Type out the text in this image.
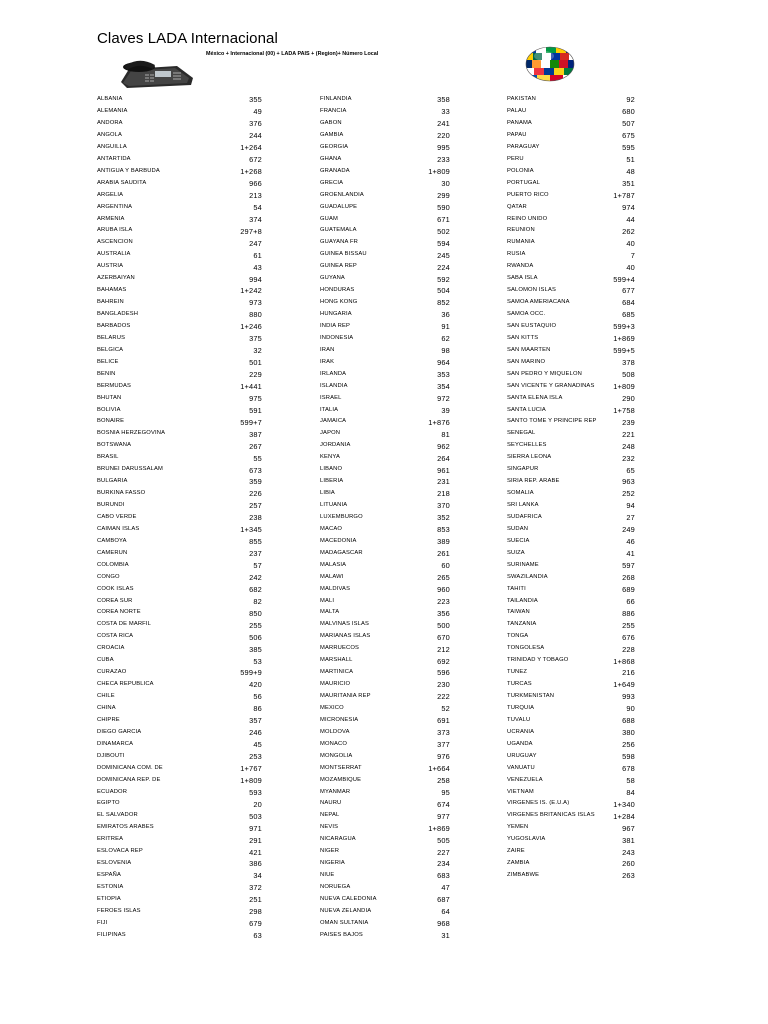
Claves LADA Internacional
México + Internacional (00) + LADA PAIS + (Region)+ Número Local
ALBANIA	355
ALEMANIA	49
ANDORA	376
ANGOLA	244
ANGUILLA	1+264
ANTARTIDA	672
ANTIGUA Y BARBUDA	1+268
ARABIA SAUDITA	966
ARGELIA	213
ARGENTINA	54
ARMENIA	374
ARUBA ISLA	297+8
ASCENCION	247
AUSTRALIA	61
AUSTRIA	43
AZERBAIYAN	994
BAHAMAS	1+242
BAHREIN	973
BANGLADESH	880
BARBADOS	1+246
BELARUS	375
BELGICA	32
BELICE	501
BENIN	229
BERMUDAS	1+441
BHUTAN	975
BOLIVIA	591
BONAIRE	599+7
BOSNIA HERZEGOVINA	387
BOTSWANA	267
BRASIL	55
BRUNEI DARUSSALAM	673
BULGARIA	359
BURKINA FASSO	226
BURUNDI	257
CABO VERDE	238
CAIMAN ISLAS	1+345
CAMBOYA	855
CAMERUN	237
COLOMBIA	57
CONGO	242
COOK ISLAS	682
COREA SUR	82
COREA NORTE	850
COSTA DE MARFIL	255
COSTA RICA	506
CROACIA	385
CUBA	53
CURAZAO	599+9
CHECA REPUBLICA	420
CHILE	56
CHINA	86
CHIPRE	357
DIEGO GARCIA	246
DINAMARCA	45
DJIBOUTI	253
DOMINICANA COM. DE	1+767
DOMINICANA REP. DE	1+809
ECUADOR	593
EGIPTO	20
EL SALVADOR	503
EMIRATOS ARABES	971
ERITREA	291
ESLOVACA REP	421
ESLOVENIA	386
ESPAÑA	34
ESTONIA	372
ETIOPIA	251
FEROES ISLAS	298
FIJI	679
FILIPINAS	63
FINLANDIA	358
FRANCIA	33
GABON	241
GAMBIA	220
GEORGIA	995
GHANA	233
GRANADA	1+809
GRECIA	30
GROENLANDIA	299
GUADALUPE	590
GUAM	671
GUATEMALA	502
GUAYANA FR	594
GUINEA BISSAU	245
GUINEA REP	224
GUYANA	592
HONDURAS	504
HONG KONG	852
HUNGARIA	36
INDIA REP	91
INDONESIA	62
IRAN	98
IRAK	964
IRLANDA	353
ISLANDIA	354
ISRAEL	972
ITALIA	39
JAMAICA	1+876
JAPON	81
JORDANIA	962
KENYA	264
LIBANO	961
LIBERIA	231
LIBIA	218
LITUANIA	370
LUXEMBURGO	352
MACAO	853
MACEDONIA	389
MADAGASCAR	261
MALASIA	60
MALAWI	265
MALDIVAS	960
MALI	223
MALTA	356
MALVINAS ISLAS	500
MARIANAS ISLAS	670
MARRUECOS	212
MARSHALL	692
MARTINICA	596
MAURICIO	230
MAURITANIA REP	222
MEXICO	52
MICRONESIA	691
MOLDOVA	373
MONACO	377
MONGOLIA	976
MONTSERRAT	1+664
MOZAMBIQUE	258
MYANMAR	95
NAURU	674
NEPAL	977
NEVIS	1+869
NICARAGUA	505
NIGER	227
NIGERIA	234
NIUE	683
NORUEGA	47
NUEVA CALEDONIA	687
NUEVA ZELANDIA	64
OMAN SULTANIA	968
PAISES BAJOS	31
PAKISTAN	92
PALAU	680
PANAMA	507
PAPAU	675
PARAGUAY	595
PERU	51
POLONIA	48
PORTUGAL	351
PUERTO RICO	1+787
QATAR	974
REINO UNIDO	44
REUNION	262
RUMANIA	40
RUSIA	7
RWANDA	40
SABA ISLA	599+4
SALOMON ISLAS	677
SAMOA AMERIACANA	684
SAMOA OCC.	685
SAN EUSTAQUIO	599+3
SAN KITTS	1+869
SAN MAARTEN	599+5
SAN MARINO	378
SAN PEDRO Y MIQUELON	508
SAN VICENTE Y GRANADINAS	1+809
SANTA ELENA ISLA	290
SANTA LUCIA	1+758
SANTO TOME Y PRINCIPE REP	239
SENEGAL	221
SEYCHELLES	248
SIERRA LEONA	232
SINGAPUR	65
SIRIA REP. ARABE	963
SOMALIA	252
SRI LANKA	94
SUDAFRICA	27
SUDAN	249
SUECIA	46
SUIZA	41
SURINAME	597
SWAZILANDIA	268
TAHITI	689
TAILANDIA	66
TAIWAN	886
TANZANIA	255
TONGA	676
TONGOLESA	228
TRINIDAD Y TOBAGO	1+868
TUNEZ	216
TURCAS	1+649
TURKMENISTAN	993
TURQUIA	90
TUVALU	688
UCRANIA	380
UGANDA	256
URUGUAY	598
VANUATU	678
VENEZUELA	58
VIETNAM	84
VIRGENES IS. (E.U.A)	1+340
VIRGENES BRITANICAS ISLAS	1+284
YEMEN	967
YUGOSLAVIA	381
ZAIRE	243
ZAMBIA	260
ZIMBABWE	263
